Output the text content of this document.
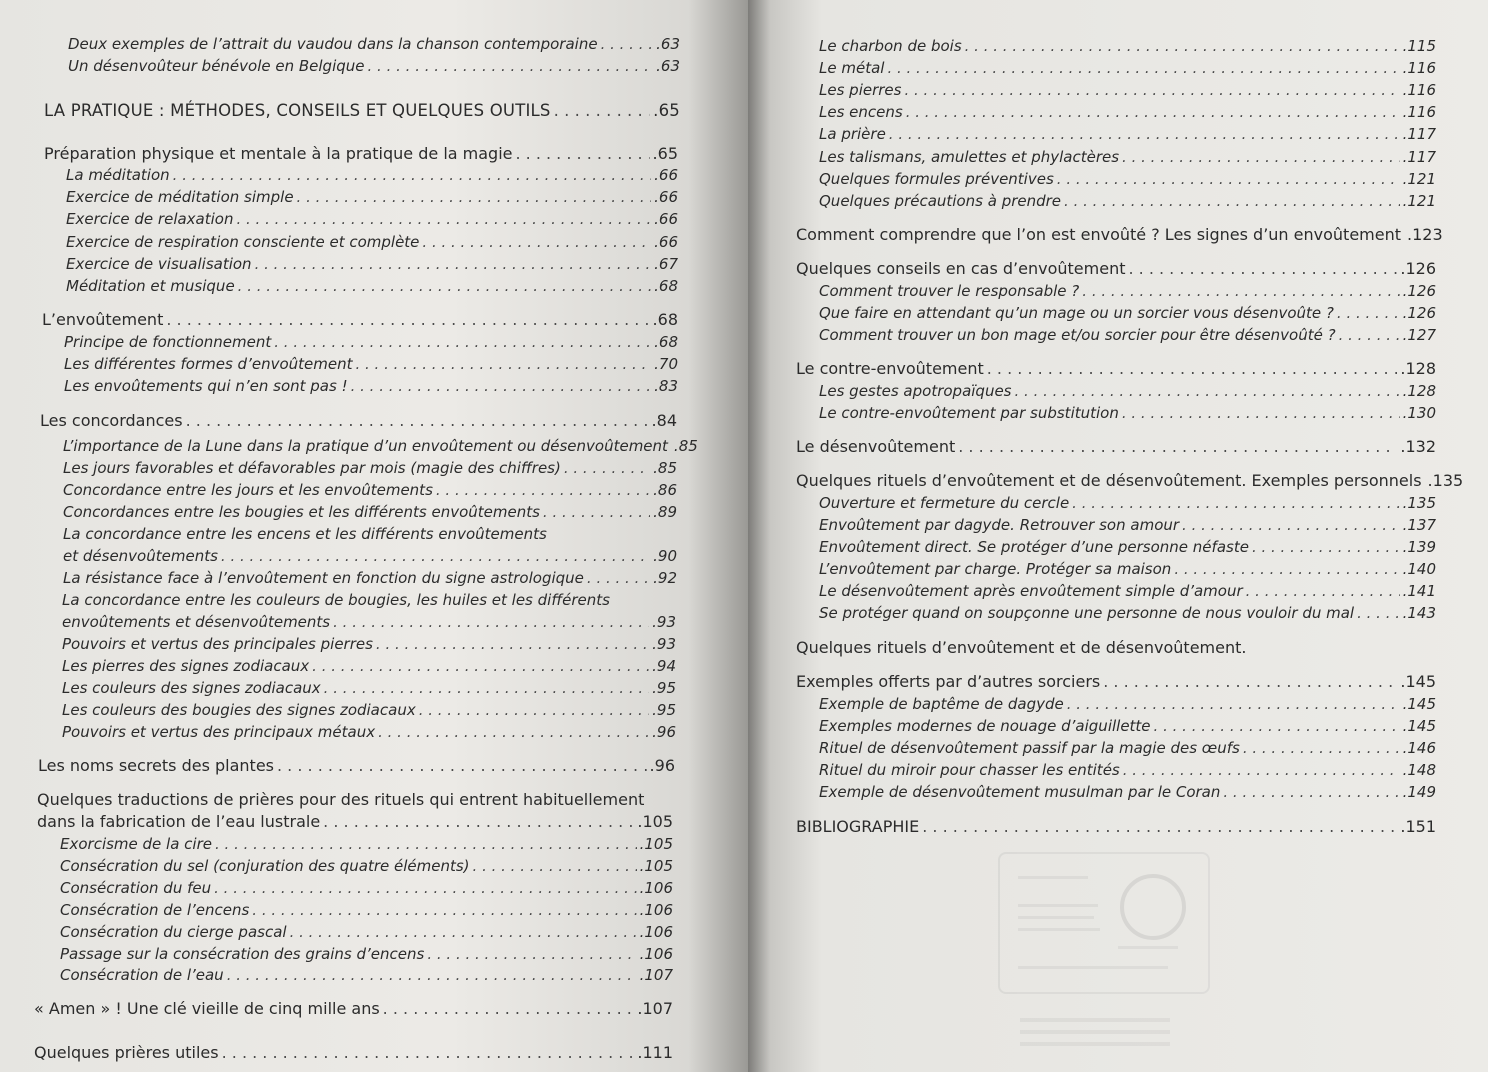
Deux exemples de l’attrait du vaudou dans la chanson contemporaine . . .	.63
Un désenvoûteur bénévole en Belgique . . .	.63
LA PRATIQUE : MÉTHODES, CONSEILS ET QUELQUES OUTILS . . .	.65
Préparation physique et mentale à la pratique de la magie . . .	.65
La méditation . . .	.66
Exercice de méditation simple . . .	.66
Exercice de relaxation . . .	.66
Exercice de respiration consciente et complète . . .	.66
Exercice de visualisation . . .	.67
Méditation et musique . . .	.68
L’envoûtement . . .	.68
Principe de fonctionnement . . .	.68
Les différentes formes d’envoûtement . . .	.70
Les envoûtements qui n’en sont pas ! . . .	.83
Les concordances . . .	.84
L’importance de la Lune dans la pratique d’un envoûtement ou désenvoûtement .85
Les jours favorables et défavorables par mois (magie des chiffres) . . .	.85
Concordance entre les jours et les envoûtements . . .	.86
Concordances entre les bougies et les différents envoûtements . . .	.89
La concordance entre les encens et les différents envoûtements
et désenvoûtements . . .	.90
La résistance face à l’envoûtement en fonction du signe astrologique . . .	.92
La concordance entre les couleurs de bougies, les huiles et les différents
envoûtements et désenvoûtements . . .	.93
Pouvoirs et vertus des principales pierres . . .	.93
Les pierres des signes zodiacaux . . .	.94
Les couleurs des signes zodiacaux . . .	.95
Les couleurs des bougies des signes zodiacaux . . .	.95
Pouvoirs et vertus des principaux métaux . . .	.96
Les noms secrets des plantes . . .	.96
Quelques traductions de prières pour des rituels qui entrent habituellement
dans la fabrication de l’eau lustrale . . .	.105
Exorcisme de la cire . . .	.105
Consécration du sel (conjuration des quatre éléments) . . .	.105
Consécration du feu . . .	.106
Consécration de l’encens . . .	.106
Consécration du cierge pascal . . .	.106
Passage sur la consécration des grains d’encens . . .	.106
Consécration de l’eau . . .	.107
« Amen » ! Une clé vieille de cinq mille ans . . .	.107
Quelques prières utiles . . .	.111
Le charbon de bois . . .	.115
Le métal . . .	.116
Les pierres . . .	.116
Les encens . . .	.116
La prière . . .	.117
Les talismans, amulettes et phylactères . . .	.117
Quelques formules préventives . . .	.121
Quelques précautions à prendre . . .	.121
Comment comprendre que l’on est envoûté ? Les signes d’un envoûtement .123
Quelques conseils en cas d’envoûtement . . .	.126
Comment trouver le responsable ? . . .	.126
Que faire en attendant qu’un mage ou un sorcier vous désenvoûte ? . . .	.126
Comment trouver un bon mage et/ou sorcier pour être désenvoûté ? . . .	.127
Le contre-envoûtement . . .	.128
Les gestes apotropaïques . . .	.128
Le contre-envoûtement par substitution . . .	.130
Le désenvoûtement . . .	.132
Quelques rituels d’envoûtement et de désenvoûtement. Exemples personnels .135
Ouverture et fermeture du cercle . . .	.135
Envoûtement par dagyde. Retrouver son amour . . .	.137
Envoûtement direct. Se protéger d’une personne néfaste . . .	.139
L’envoûtement par charge. Protéger sa maison . . .	.140
Le désenvoûtement après envoûtement simple d’amour . . .	.141
Se protéger quand on soupçonne une personne de nous vouloir du mal . . .	.143
Quelques rituels d’envoûtement et de désenvoûtement.
Exemples offerts par d’autres sorciers . . .	.145
Exemple de baptême de dagyde . . .	.145
Exemples modernes de nouage d’aiguillette . . .	.145
Rituel de désenvoûtement passif par la magie des œufs . . .	.146
Rituel du miroir pour chasser les entités . . .	.148
Exemple de désenvoûtement musulman par le Coran . . .	.149
BIBLIOGRAPHIE . . .	.151
